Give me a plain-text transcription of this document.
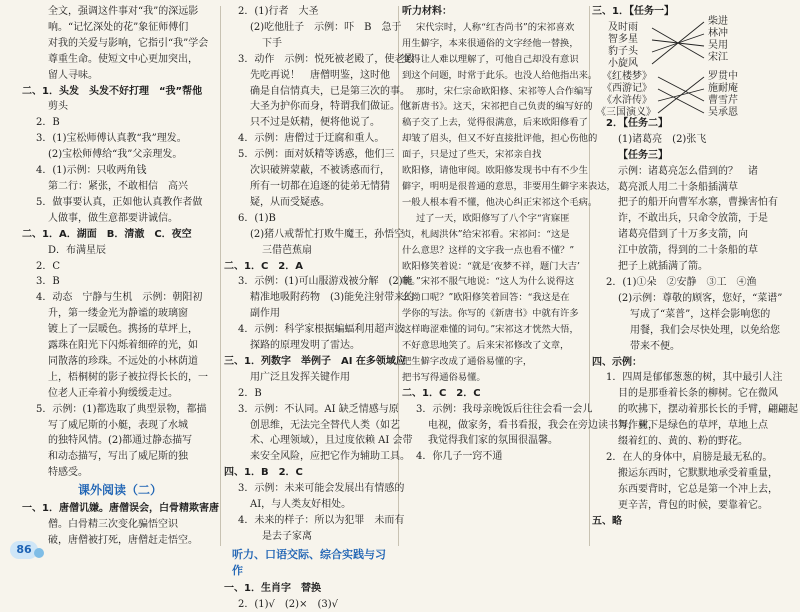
全文，强调这件事对“我”的深远影
响。“记忆深处的花”象征师傅们
对我的关爱与影响，它指引“我”学会
尊重生命。使短文中心更加突出，
留人寻味。
二、1．头发　头发不好打理　“我”帮他
剪头
2．B
3．(1)宝松师傅认真教“我”理发。
(2)宝松师傅给“我”父亲理发。
4．(1)示例：只收两角钱
第二行：紧张，不敢相信　高兴
5．做事要认真，正如他认真教作者做
人做事，做生意都要讲诚信。
二、1．A．湖面　B．清澈　C．夜空
D．布满星辰
2．C
3．B
4．动态　宁静与生机　示例：朝阳初
升，第一缕金光为静谧的玻璃窗
镀上了一层暖色。携扬的草坪上，
露珠在阳光下闪烁着细碎的光，如
同散落的珍珠。不远处的小林荫道
上，梧桐树的影子被拉得长长的，一
位老人正牵着小狗缓缓走过。
5．示例：(1)都选取了典型景物，都描
写了威尼斯的小艇，表现了水城
的独特风情。(2)都通过静态描写
和动态描写，写出了威尼斯的独
特感受。
课外阅读（二）
一、1．唐僧讥嫌。唐僧误会，白骨精欺害唐
僧。白骨精三次变化骗悟空识
破，唐僧被打死，唐僧赶走悟空。
2．(1)行者　大圣
(2)吃他肚子　示例：吓　B　急于
下手
3．动作　示例：悦死被老殿了，使老殿
先吃再说！　唐僧明鉴，这时他
确是自信情真夫，已是第三次的事。
大圣为护你而身，特谓我们做证。他
只不过是妖精，便将他说了。
4．示例：唐僧过于迂腐和重人。
5．示例：面对妖精等诱惑，他们三
次识破辨蒙蔽，不被诱惑而行，
所有一切都在追逐的徒弟无情猜
疑，从而受疑惑。
6．(1)B
(2)猪八戒帮忙打败牛魔王，孙悟空
三借芭蕉扇
二、1．C　2．A
3．示例：(1)可山服游戏被分解　(2)能
精准地吸附药物　(3)能免注射带来的
副作用
4．示例：科学家根据蝙蝠利用超声波
探路的原理发明了雷达。
三、1．列数字　举例子　AI 在多领域应
用广泛且发挥关键作用
2．B
3．示例：不认同。AI 缺乏情感与原
创思维，无法完全替代人类（如艺
术、心理领域），且过度依赖 AI 会带
来安全风险，应把它作为辅助工具。
四、1．B　2．C
3．示例：未来可能会发展出有情感的
AI，与人类友好相处。
4．未来的样子：所以为犯罪　未而有
是去子家离
听力、口语交际、综合实践与习作
一、1．生肖字　替换
2．(1)√　(2)×　(3)√
听力材料：
宋代宗时，人称“红杏尚书”的宋祁喜欢
用生僻字，本来很通俗的文字经他一替换，
变得让人难以理解了，可他自己却没有意识
到这个问题，时常于此乐。也没人给他指出来。
那时，宋仁宗命欧阳修、宋祁等人合作编写
《新唐书》。这天，宋祁把自己负责的编写好的
稿子交了上去，觉得很满意，后来欧阳修看了
却皱了眉头，但又不好直接批评他，担心伤他的
面子，只是过了些天，宋祁亲自找
欧阳修，请他审阅。欧阳修发现书中有不少生
僻字，明明是很普通的意思，非要用生僻字来表达，
一般人根本看不懂，他决心纠正宋祁这个毛病。
过了一天，欧阳修写了八个字“宵寐匪
贞，札闼洪休”给宋祁看。宋祁问：“这是
什么意思？这样的文字我一点也看不懂？”
欧阳修笑着说：“就是‘夜梦不祥，题门大吉’
啊。”宋祁不服气地说：“这人为什么说得这
么拗口呢？”欧阳修笑着回答：“我这是在
学你的写法。你写的《新唐书》中就有许多
这样晦涩难懂的词句。”宋祁这才恍然大悟，
不好意思地笑了。后来宋祁修改了文章，
把生僻字改成了通俗易懂的字，
把书写得通俗易懂。
二、1．C　2．C
3．示例：我母亲晚饭后往往会看一会儿
电视，做家务，看书看报，我会在旁边读书写作业，
我觉得我们家的氛围很温馨。
4．你几子一窍不通
三、1．【任务一】
及时雨
智多星
豹子头
小旋风
《红楼梦》
《西游记》
《水浒传》
《三国演义》
柴进
林冲
吴用
宋江
罗贯中
施耐庵
曹雪芹
吴承恩
2．【任务二】
(1)诸葛亮　(2)张飞
【任务三】
示例：诸葛亮怎么借到的？　诸
葛亮派人用二十条船插满草
把子的船开向曹军水寨，曹操害怕有
诈，不敢出兵，只命令放箭，于是
诸葛亮借到了十万多支箭，向
江中放箭，得到的二十条船的草
把子上就插满了箭。
2．(1)①朵　②安静　③工　④渔
(2)示例：尊敬的顾客，您好，“菜谱”
写成了“菜普”，这样会影响您的
用餐，我们会尽快处理，以免给您
带来不便。
四、示例：
1．四周是郁郁葱葱的树，其中最引人注
目的是那垂着长条的柳树。它在微风
的吹拂下，摆动着那长长的手臂，翩翩起
舞，树下是绿色的草坪，草地上点
缀着红的、黄的、粉的野花。
2．在人的身体中，肩膀是最无私的。
搬运东西时，它默默地承受着重量，
东西要背时，它总是第一个冲上去，
更辛苦，背包的时候，要靠着它。
五、略
86
